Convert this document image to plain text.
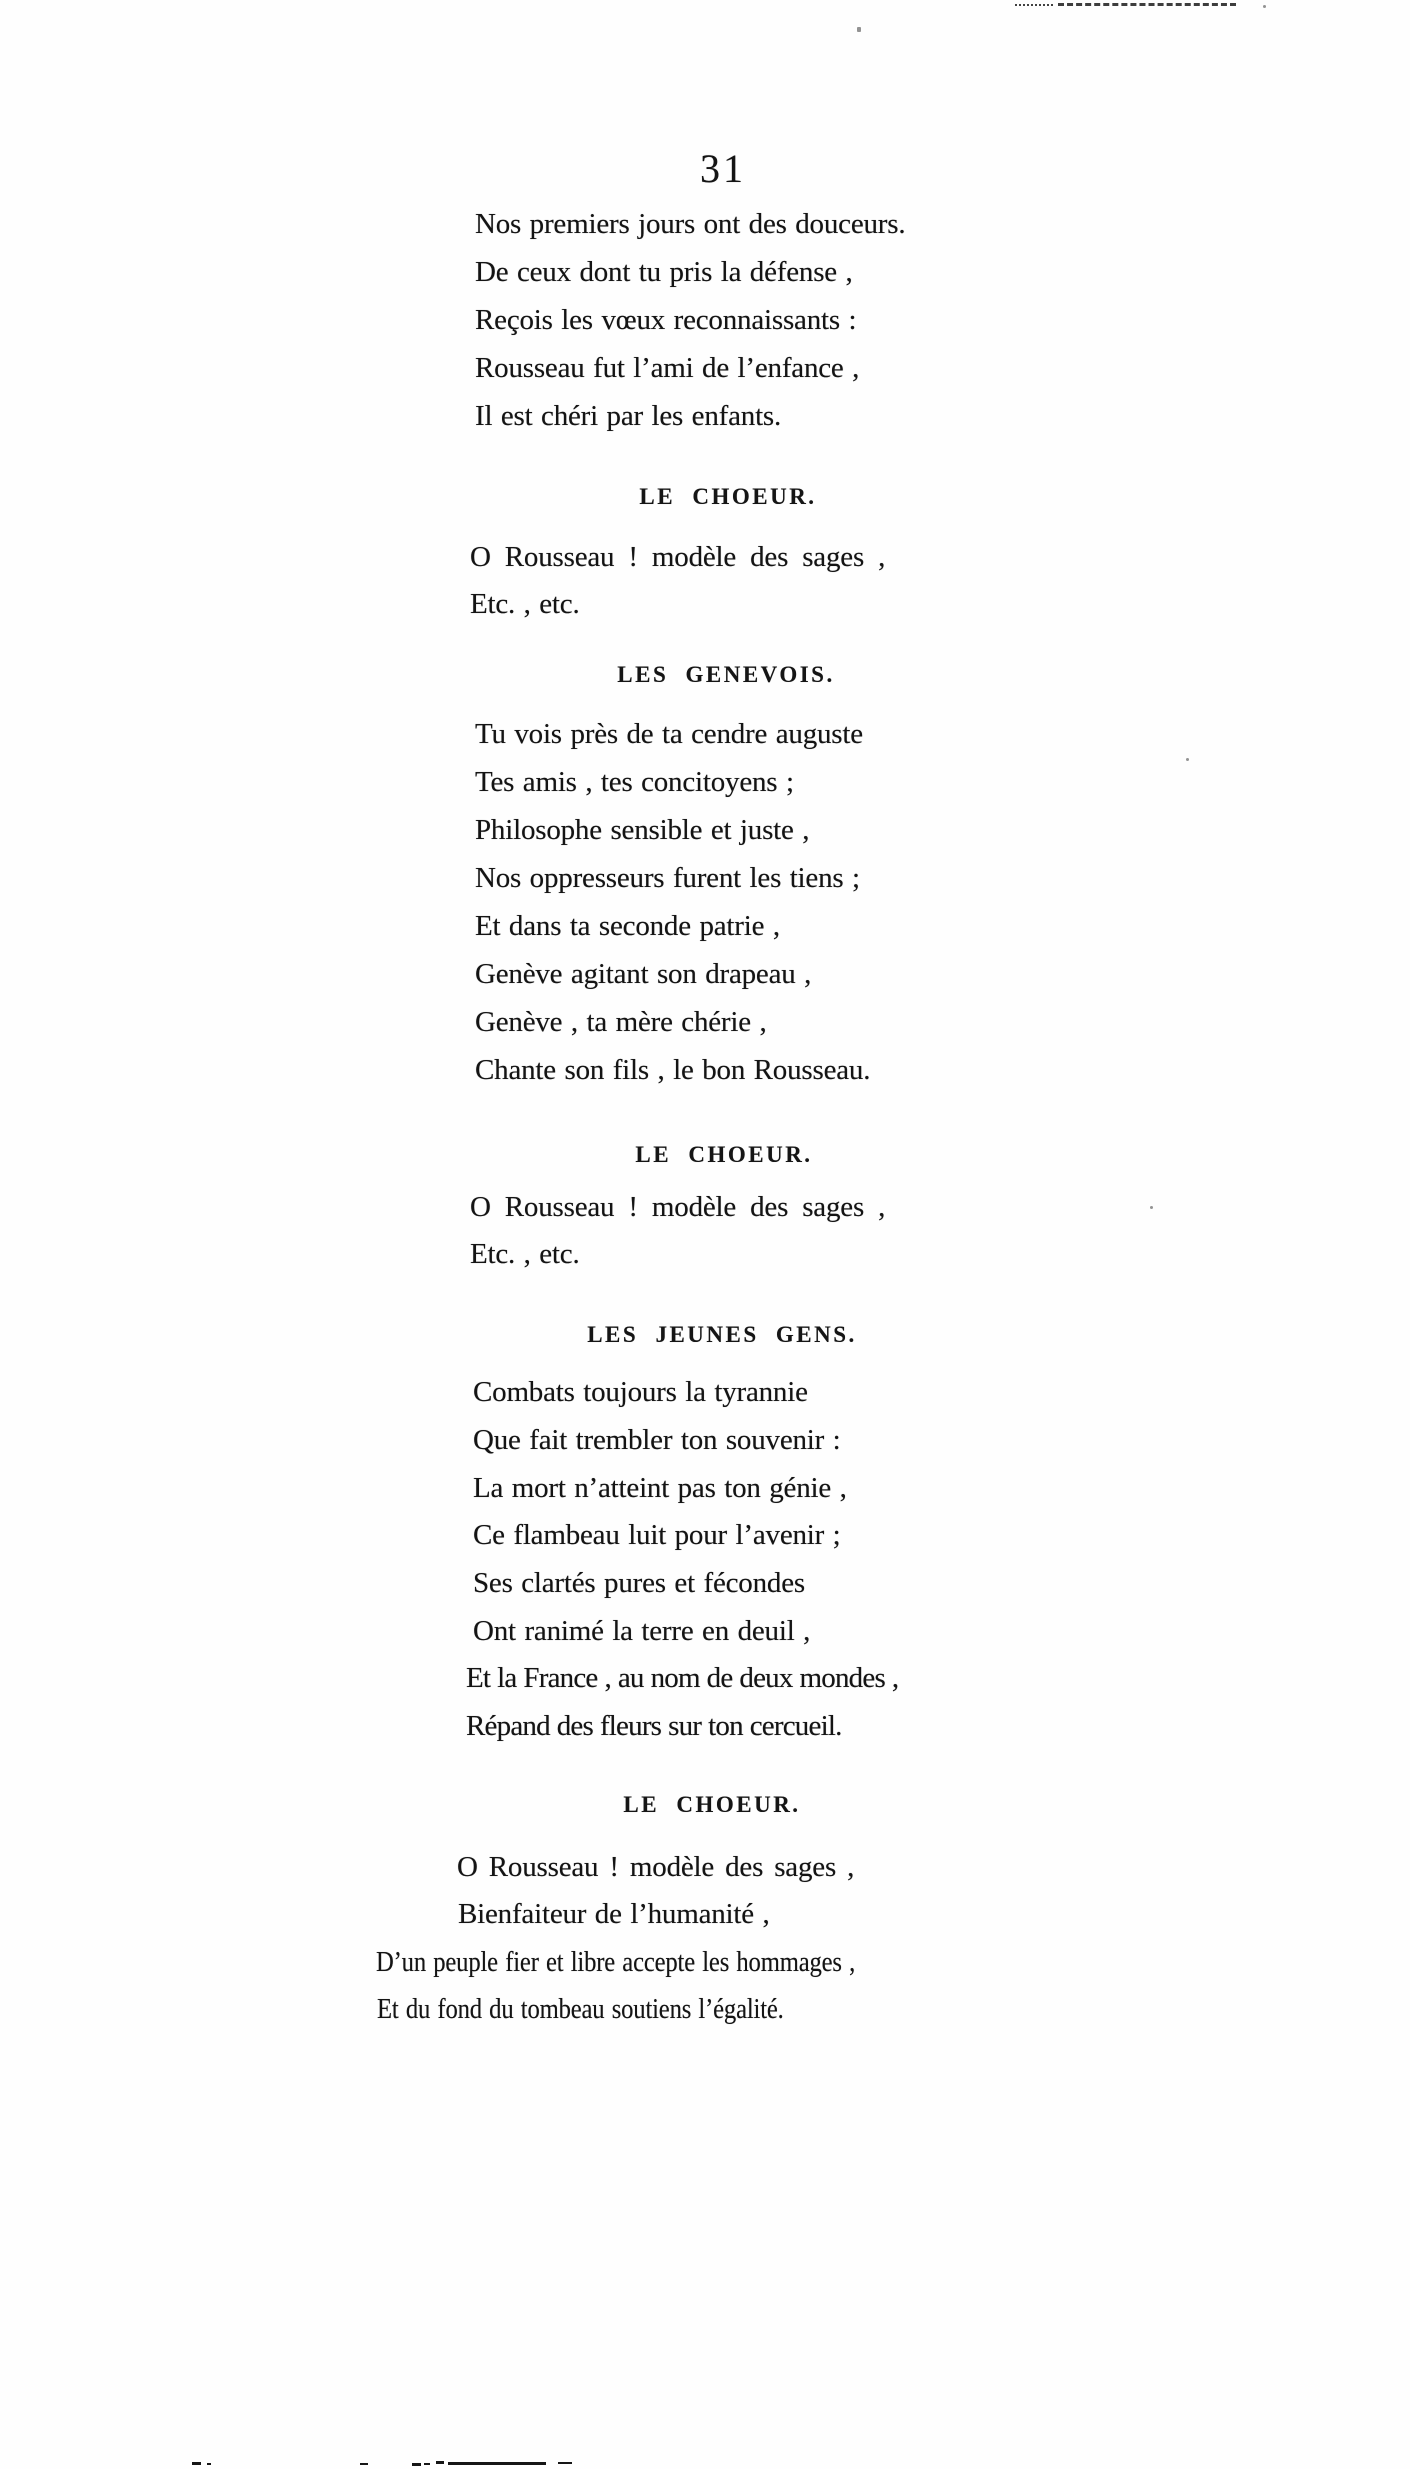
31
Nos premiers jours ont des douceurs.
De ceux dont tu pris la défense ,
Reçois les vœux reconnaissants :
Rousseau fut l’ami de l’enfance ,
Il est chéri par les enfants.
LE CHOEUR.
O Rousseau ! modèle des sages ,
Etc. , etc.
LES GENEVOIS.
Tu vois près de ta cendre auguste
Tes amis , tes concitoyens ;
Philosophe sensible et juste ,
Nos oppresseurs furent les tiens ;
Et dans ta seconde patrie ,
Genève agitant son drapeau ,
Genève , ta mère chérie ,
Chante son fils , le bon Rousseau.
LE CHOEUR.
O Rousseau ! modèle des sages ,
Etc. , etc.
LES JEUNES GENS.
Combats toujours la tyrannie
Que fait trembler ton souvenir :
La mort n’atteint pas ton génie ,
Ce flambeau luit pour l’avenir ;
Ses clartés pures et fécondes
Ont ranimé la terre en deuil ,
Et la France , au nom de deux mondes ,
Répand des fleurs sur ton cercueil.
LE CHOEUR.
O Rousseau ! modèle des sages ,
Bienfaiteur de l’humanité ,
D’un peuple fier et libre accepte les hommages ,
Et du fond du tombeau soutiens l’égalité.
